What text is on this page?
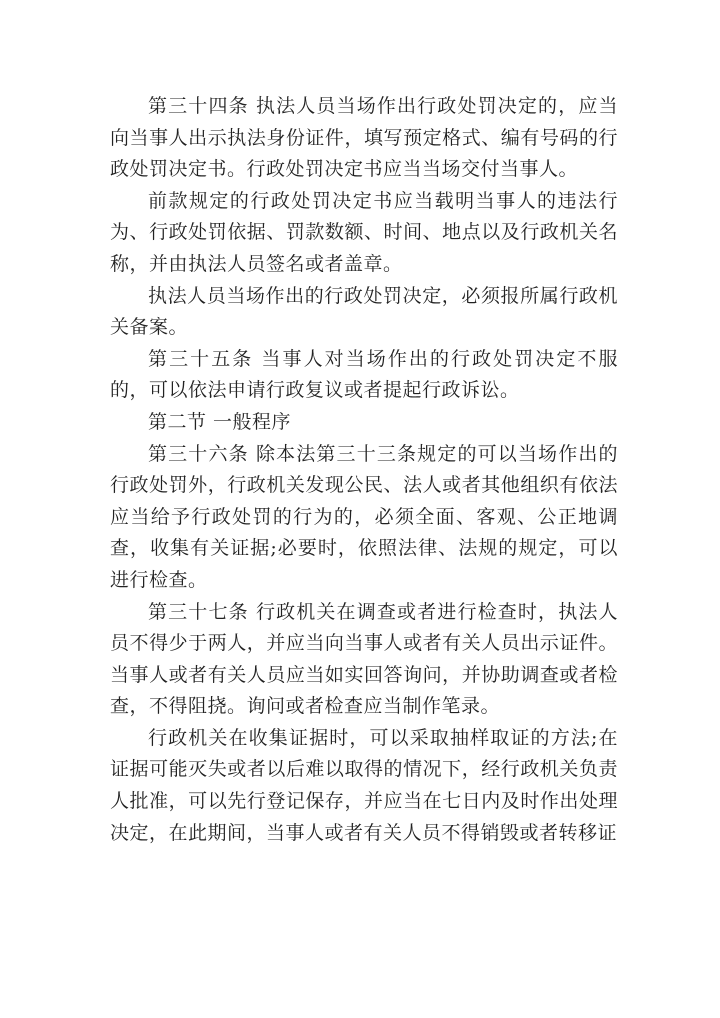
第三十四条 执法人员当场作出行政处罚决定的，应当向当事人出示执法身份证件，填写预定格式、编有号码的行政处罚决定书。行政处罚决定书应当当场交付当事人。

前款规定的行政处罚决定书应当载明当事人的违法行为、行政处罚依据、罚款数额、时间、地点以及行政机关名称，并由执法人员签名或者盖章。

执法人员当场作出的行政处罚决定，必须报所属行政机关备案。

第三十五条 当事人对当场作出的行政处罚决定不服的，可以依法申请行政复议或者提起行政诉讼。

第二节 一般程序

第三十六条 除本法第三十三条规定的可以当场作出的行政处罚外，行政机关发现公民、法人或者其他组织有依法应当给予行政处罚的行为的，必须全面、客观、公正地调查，收集有关证据;必要时，依照法律、法规的规定，可以进行检查。

第三十七条 行政机关在调查或者进行检查时，执法人员不得少于两人，并应当向当事人或者有关人员出示证件。当事人或者有关人员应当如实回答询问，并协助调查或者检查，不得阻挠。询问或者检查应当制作笔录。

行政机关在收集证据时，可以采取抽样取证的方法;在证据可能灭失或者以后难以取得的情况下，经行政机关负责人批准，可以先行登记保存，并应当在七日内及时作出处理决定，在此期间，当事人或者有关人员不得销毁或者转移证
